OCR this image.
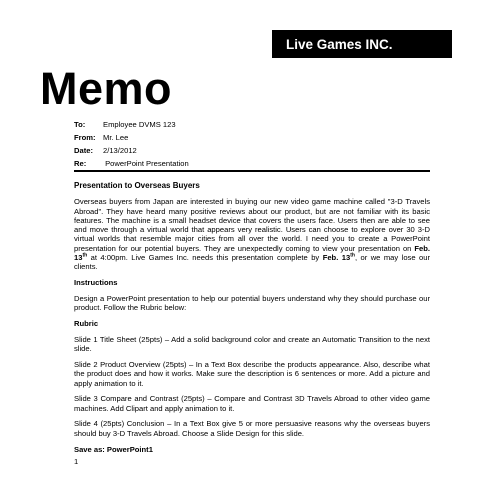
Live Games INC.
Memo
To:	Employee DVMS 123
From: Mr. Lee
Date:	2/13/2012
Re:	PowerPoint Presentation
Presentation to Overseas Buyers

Overseas buyers from Japan are interested in buying our new video game machine called "3-D Travels Abroad". They have heard many positive reviews about our product, but are not familiar with its basic features. The machine is a small headset device that covers the users face. Users then are able to see and move through a virtual world that appears very realistic. Users can choose to explore over 30 3-D virtual worlds that resemble major cities from all over the world. I need you to create a PowerPoint presentation for our potential buyers. They are unexpectedly coming to view your presentation on Feb. 13th at 4:00pm. Live Games Inc. needs this presentation complete by Feb. 13th, or we may lose our clients.

Instructions

Design a PowerPoint presentation to help our potential buyers understand why they should purchase our product. Follow the Rubric below:

Rubric

Slide 1 Title Sheet (25pts) – Add a solid background color and create an Automatic Transition to the next slide.

Slide 2 Product Overview (25pts) – In a Text Box describe the products appearance. Also, describe what the product does and how it works. Make sure the description is 6 sentences or more. Add a picture and apply animation to it.

Slide 3 Compare and Contrast (25pts) – Compare and Contrast 3D Travels Abroad to other video game machines. Add Clipart and apply animation to it.

Slide 4 (25pts) Conclusion – In a Text Box give 5 or more persuasive reasons why the overseas buyers should buy 3-D Travels Abroad. Choose a Slide Design for this slide.

Save as: PowerPoint1
1
